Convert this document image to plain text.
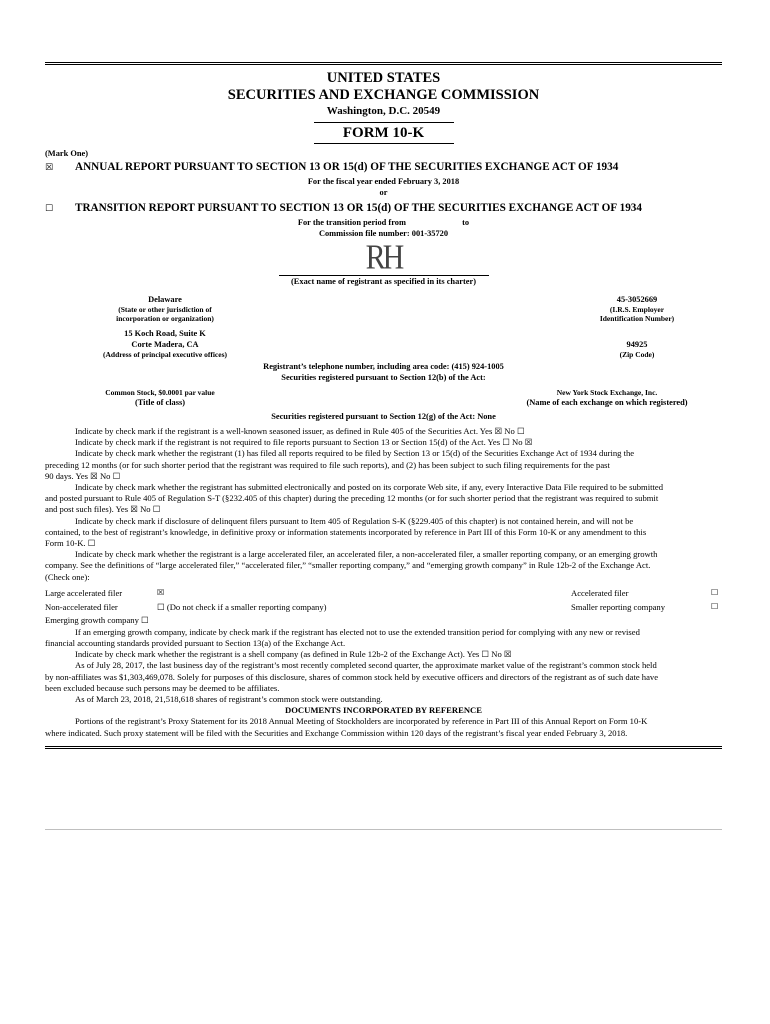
UNITED STATES
SECURITIES AND EXCHANGE COMMISSION
Washington, D.C. 20549
FORM 10-K
(Mark One)
☒	ANNUAL REPORT PURSUANT TO SECTION 13 OR 15(d) OF THE SECURITIES EXCHANGE ACT OF 1934
For the fiscal year ended February 3, 2018
or
☐	TRANSITION REPORT PURSUANT TO SECTION 13 OR 15(d) OF THE SECURITIES EXCHANGE ACT OF 1934
For the transition period from	to
Commission file number: 001-35720
RH
(Exact name of registrant as specified in its charter)
Delaware
(State or other jurisdiction of
incorporation or organization)
45-3052669
(I.R.S. Employer
Identification Number)
15 Koch Road, Suite K
Corte Madera, CA
(Address of principal executive offices)
94925
(Zip Code)
Registrant’s telephone number, including area code: (415) 924-1005
Securities registered pursuant to Section 12(b) of the Act:
Common Stock, $0.0001 par value
(Title of class)
New York Stock Exchange, Inc.
(Name of each exchange on which registered)
Securities registered pursuant to Section 12(g) of the Act: None

Indicate by check mark if the registrant is a well-known seasoned issuer, as defined in Rule 405 of the Securities Act. Yes ☒ No ☐

Indicate by check mark if the registrant is not required to file reports pursuant to Section 13 or Section 15(d) of the Act. Yes ☐ No ☒

Indicate by check mark whether the registrant (1) has filed all reports required to be filed by Section 13 or 15(d) of the Securities Exchange Act of 1934 during the

preceding 12 months (or for such shorter period that the registrant was required to file such reports), and (2) has been subject to such filing requirements for the past

90 days. Yes ☒ No ☐

Indicate by check mark whether the registrant has submitted electronically and posted on its corporate Web site, if any, every Interactive Data File required to be submitted

and posted pursuant to Rule 405 of Regulation S-T (§232.405 of this chapter) during the preceding 12 months (or for such shorter period that the registrant was required to submit

and post such files). Yes ☒ No ☐

Indicate by check mark if disclosure of delinquent filers pursuant to Item 405 of Regulation S-K (§229.405 of this chapter) is not contained herein, and will not be

contained, to the best of registrant’s knowledge, in definitive proxy or information statements incorporated by reference in Part III of this Form 10-K or any amendment to this

Form 10-K. ☐

Indicate by check mark whether the registrant is a large accelerated filer, an accelerated filer, a non-accelerated filer, a smaller reporting company, or an emerging growth

company. See the definitions of “large accelerated filer,” “accelerated filer,” “smaller reporting company,” and “emerging growth company” in Rule 12b-2 of the Exchange Act.

(Check one):

Large accelerated filer	☒	Accelerated filer	☐
Non-accelerated filer	☐ (Do not check if a smaller reporting company)	Smaller reporting company	☐
Emerging growth company ☐

If an emerging growth company, indicate by check mark if the registrant has elected not to use the extended transition period for complying with any new or revised

financial accounting standards provided pursuant to Section 13(a) of the Exchange Act.

Indicate by check mark whether the registrant is a shell company (as defined in Rule 12b-2 of the Exchange Act). Yes ☐ No ☒

As of July 28, 2017, the last business day of the registrant’s most recently completed second quarter, the approximate market value of the registrant’s common stock held

by non-affiliates was $1,303,469,078. Solely for purposes of this disclosure, shares of common stock held by executive officers and directors of the registrant as of such date have

been excluded because such persons may be deemed to be affiliates.

As of March 23, 2018, 21,518,618 shares of registrant’s common stock were outstanding.

DOCUMENTS INCORPORATED BY REFERENCE

Portions of the registrant’s Proxy Statement for its 2018 Annual Meeting of Stockholders are incorporated by reference in Part III of this Annual Report on Form 10-K

where indicated. Such proxy statement will be filed with the Securities and Exchange Commission within 120 days of the registrant’s fiscal year ended February 3, 2018.
